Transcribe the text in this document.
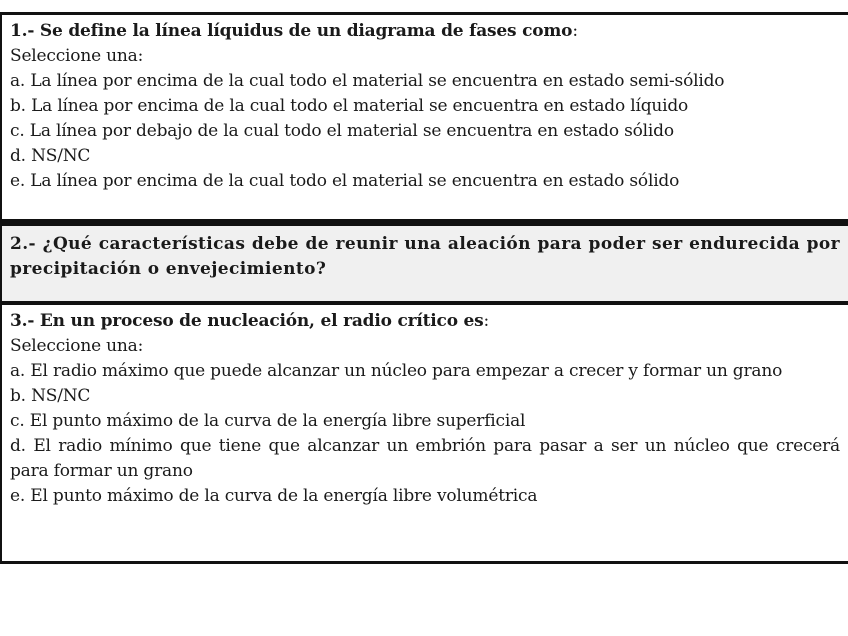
1.- Se define la línea líquidus de un diagrama de fases como:
Seleccione una:
a. La línea por encima de la cual todo el material se encuentra en estado semi-sólido
b. La línea por encima de la cual todo el material se encuentra en estado líquido
c. La línea por debajo de la cual todo el material se encuentra en estado sólido
d. NS/NC
e. La línea por encima de la cual todo el material se encuentra en estado sólido
2.- ¿Qué características debe de reunir una aleación para poder ser endurecida por precipitación o envejecimiento?
3.- En un proceso de nucleación, el radio crítico es:
Seleccione una:
a. El radio máximo que puede alcanzar un núcleo para empezar a crecer y formar un grano
b. NS/NC
c. El punto máximo de la curva de la energía libre superficial
d. El radio mínimo que tiene que alcanzar un embrión para pasar a ser un núcleo que crecerá para formar un grano
e. El punto máximo de la curva de la energía libre volumétrica
